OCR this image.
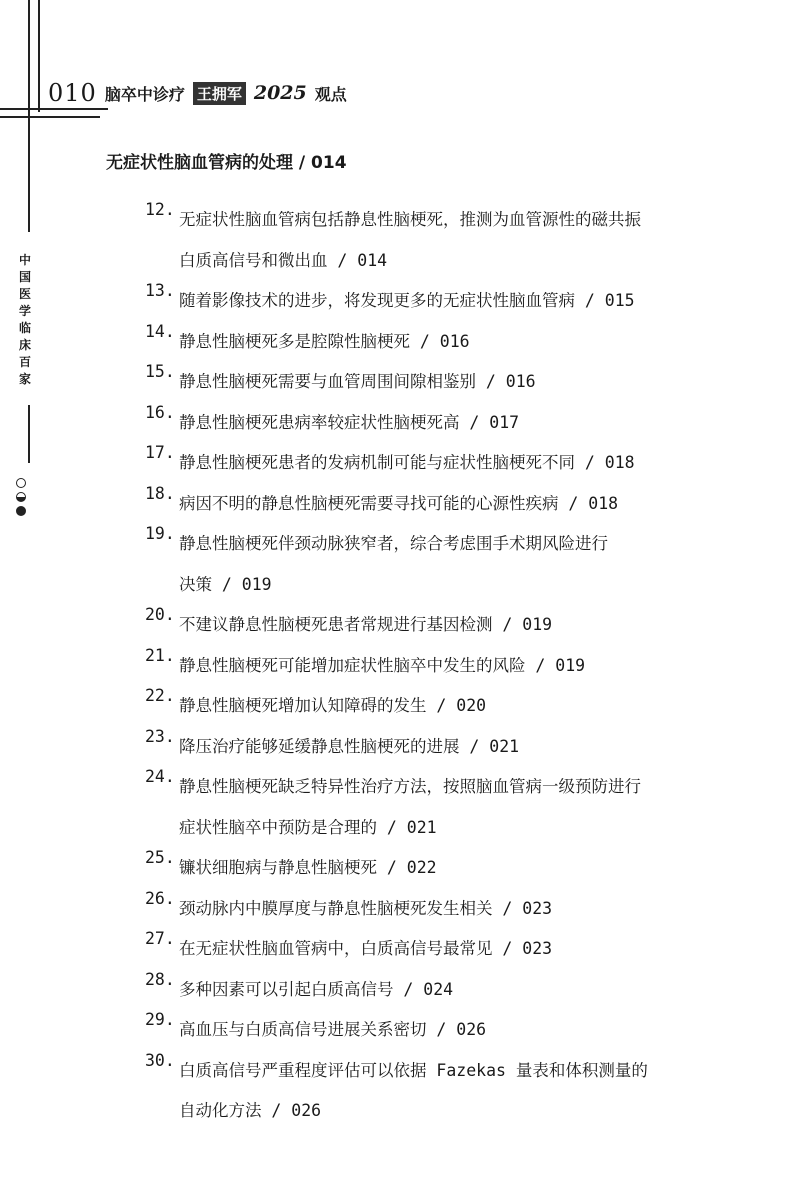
010 脑卒中诊疗 王拥军 2025 观点
中
国
医
学
临
床
百
家
无症状性脑血管病的处理 / 014
12.
无症状性脑血管病包括静息性脑梗死，推测为血管源性的磁共振
白质高信号和微出血 / 014
13.
随着影像技术的进步，将发现更多的无症状性脑血管病 / 015
14.
静息性脑梗死多是腔隙性脑梗死 / 016
15.
静息性脑梗死需要与血管周围间隙相鉴别 / 016
16.
静息性脑梗死患病率较症状性脑梗死高 / 017
17.
静息性脑梗死患者的发病机制可能与症状性脑梗死不同 / 018
18.
病因不明的静息性脑梗死需要寻找可能的心源性疾病 / 018
19.
静息性脑梗死伴颈动脉狭窄者，综合考虑围手术期风险进行
决策 / 019
20.
不建议静息性脑梗死患者常规进行基因检测 / 019
21.
静息性脑梗死可能增加症状性脑卒中发生的风险 / 019
22.
静息性脑梗死增加认知障碍的发生 / 020
23.
降压治疗能够延缓静息性脑梗死的进展 / 021
24.
静息性脑梗死缺乏特异性治疗方法，按照脑血管病一级预防进行
症状性脑卒中预防是合理的 / 021
25.
镰状细胞病与静息性脑梗死 / 022
26.
颈动脉内中膜厚度与静息性脑梗死发生相关 / 023
27.
在无症状性脑血管病中，白质高信号最常见 / 023
28.
多种因素可以引起白质高信号 / 024
29.
高血压与白质高信号进展关系密切 / 026
30.
白质高信号严重程度评估可以依据 Fazekas 量表和体积测量的
自动化方法 / 026
